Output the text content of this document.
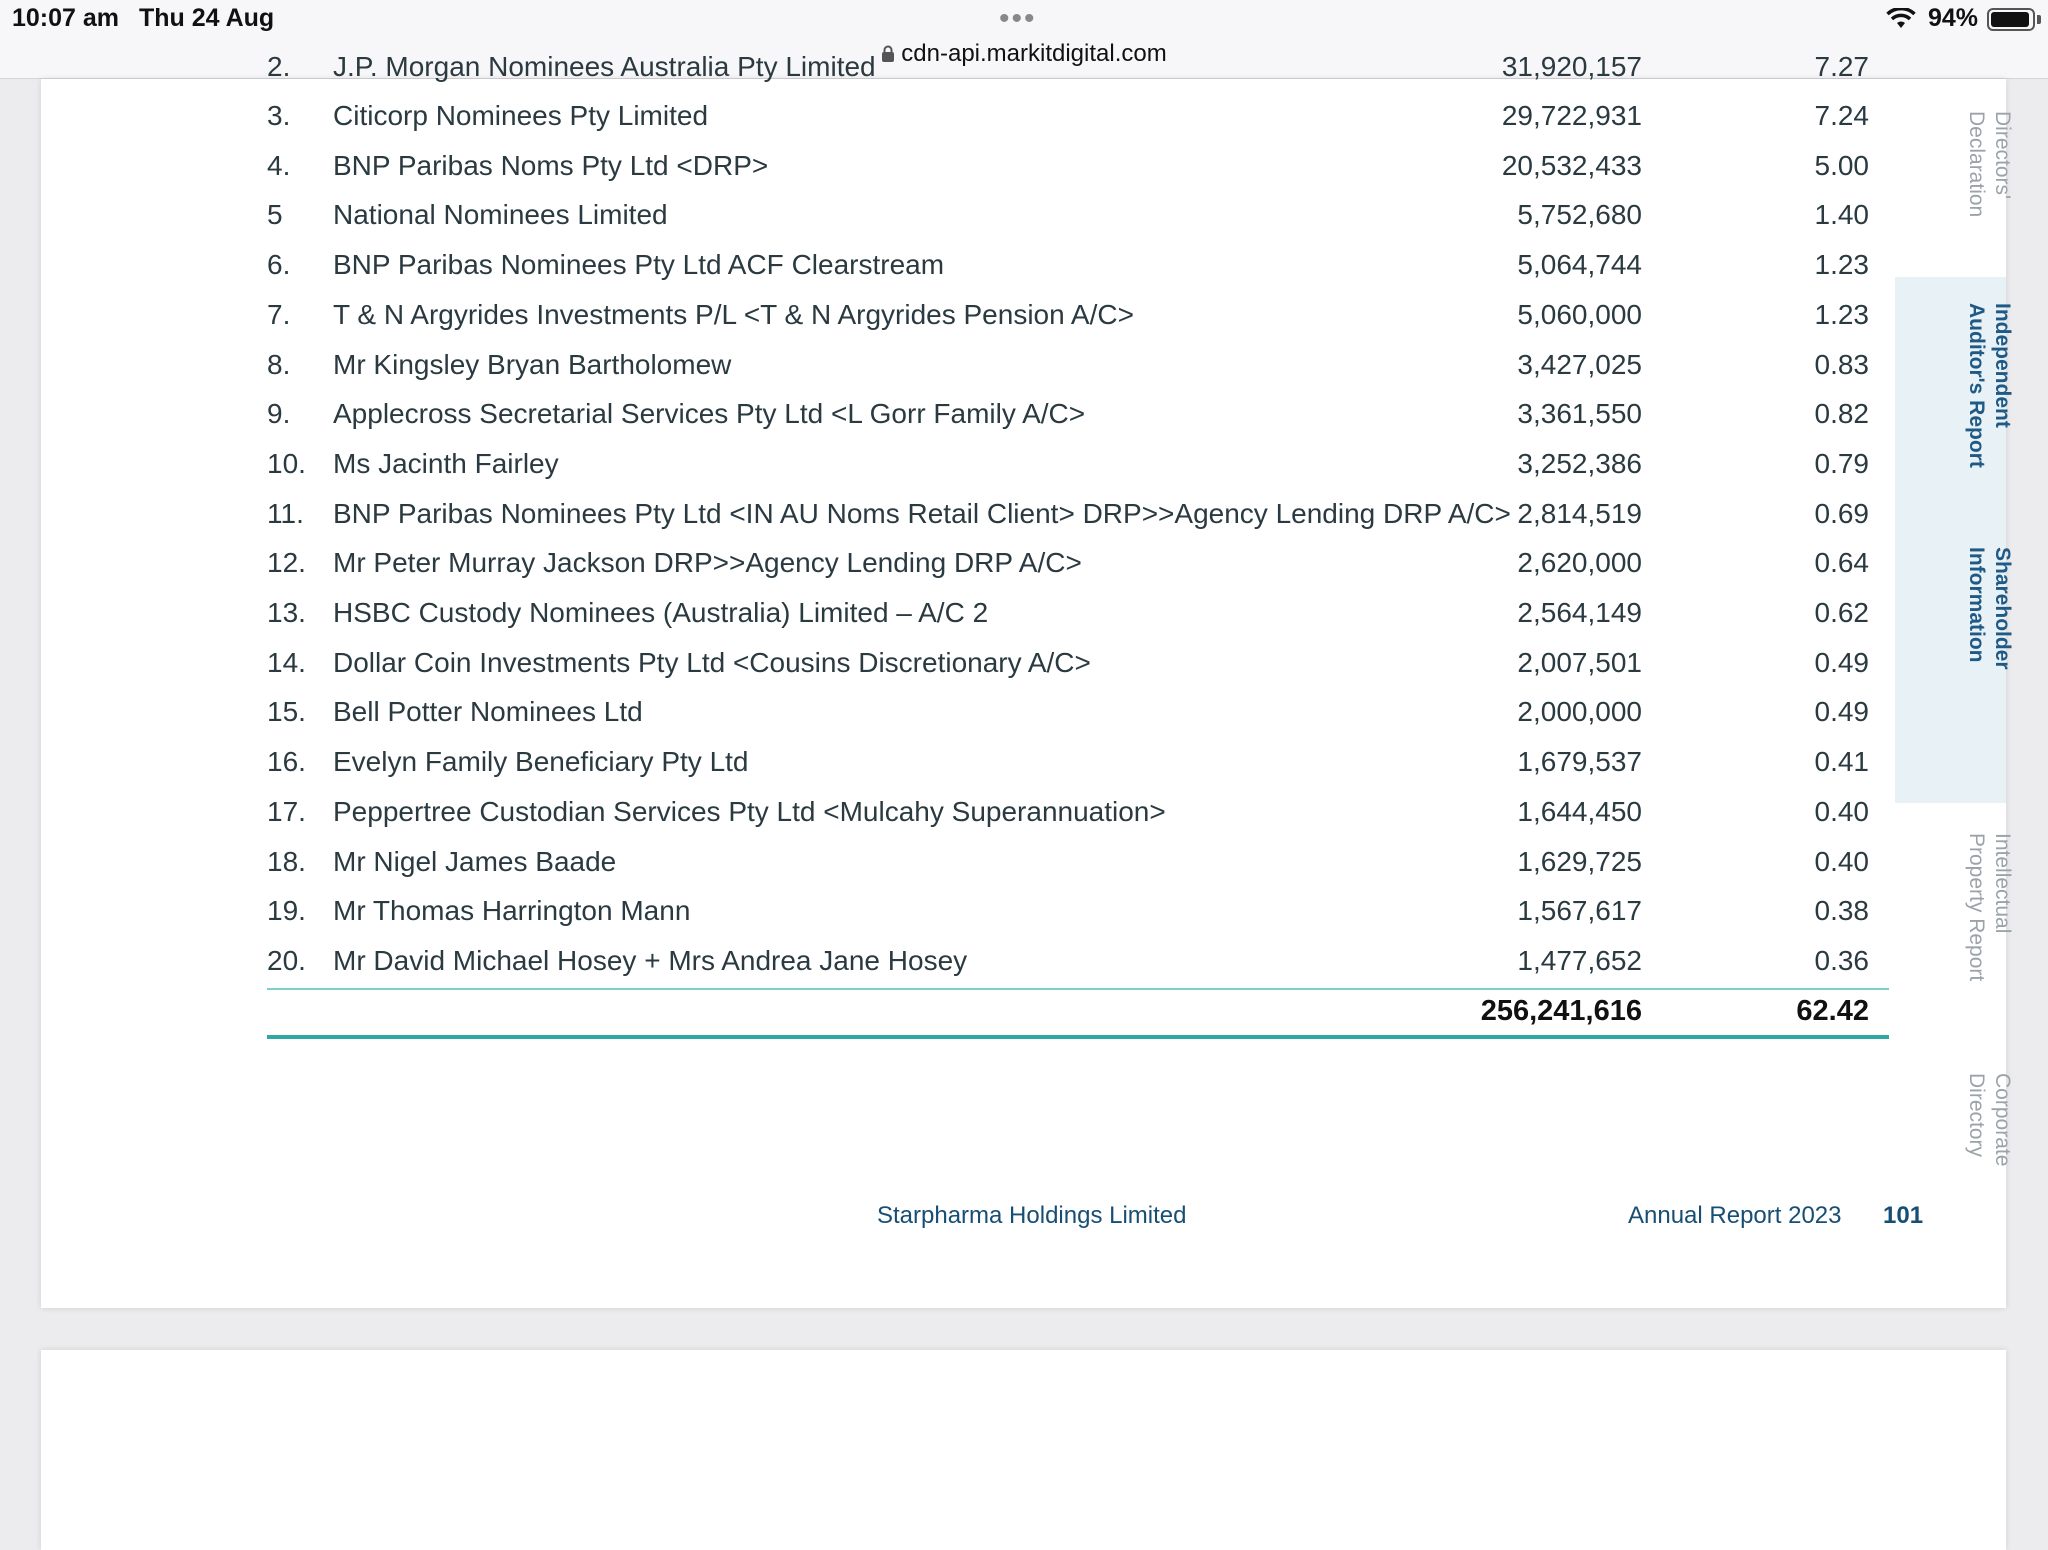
10:07 am Thu 24 Aug	•••
cdn-api.markitdigital.com
94%
2. J.P. Morgan Nominees Australia Pty Limited	31,920,157	7.27
3. Citicorp Nominees Pty Limited	29,722,931	7.24
4. BNP Paribas Noms Pty Ltd <DRP>	20,532,433	5.00
5 National Nominees Limited	5,752,680	1.40
6. BNP Paribas Nominees Pty Ltd ACF Clearstream	5,064,744	1.23
7. T & N Argyrides Investments P/L <T & N Argyrides Pension A/C>	5,060,000	1.23
8. Mr Kingsley Bryan Bartholomew	3,427,025	0.83
9. Applecross Secretarial Services Pty Ltd <L Gorr Family A/C>	3,361,550	0.82
10. Ms Jacinth Fairley	3,252,386	0.79
11. BNP Paribas Nominees Pty Ltd <IN AU Noms Retail Client> DRP>>Agency Lending DRP A/C> 2,814,519	0.69
12. Mr Peter Murray Jackson DRP>>Agency Lending DRP A/C>	2,620,000	0.64
13. HSBC Custody Nominees (Australia) Limited – A/C 2	2,564,149	0.62
14. Dollar Coin Investments Pty Ltd <Cousins Discretionary A/C>	2,007,501	0.49
15. Bell Potter Nominees Ltd	2,000,000	0.49
16. Evelyn Family Beneficiary Pty Ltd	1,679,537	0.41
17. Peppertree Custodian Services Pty Ltd <Mulcahy Superannuation>	1,644,450	0.40
18. Mr Nigel James Baade	1,629,725	0.40
19. Mr Thomas Harrington Mann	1,567,617	0.38
20. Mr David Michael Hosey + Mrs Andrea Jane Hosey	1,477,652	0.36
256,241,616	62.42
Starpharma Holdings Limited	Annual Report 2023 101
Directors'
Declaration
Independent
Auditor's Report
Shareholder
Information
Intellectual
Property Report
Corporate
Directory
